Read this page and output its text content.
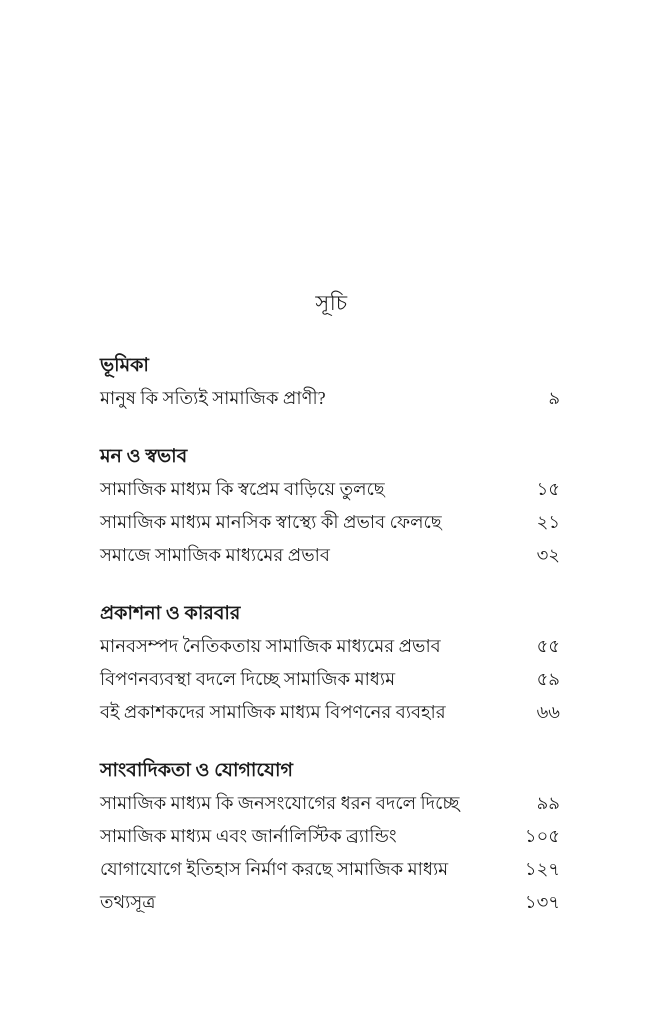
সূচি
ভূমিকা
মানুষ কি সত্যিই সামাজিক প্রাণী?	৯
মন ও স্বভাব
সামাজিক মাধ্যম কি স্বপ্রেম বাড়িয়ে তুলছে	১৫
সামাজিক মাধ্যম মানসিক স্বাস্থ্যে কী প্রভাব ফেলছে	২১
সমাজে সামাজিক মাধ্যমের প্রভাব	৩২
প্রকাশনা ও কারবার
মানবসম্পদ নৈতিকতায় সামাজিক মাধ্যমের প্রভাব	৫৫
বিপণনব্যবস্থা বদলে দিচ্ছে সামাজিক মাধ্যম	৫৯
বই প্রকাশকদের সামাজিক মাধ্যম বিপণনের ব্যবহার	৬৬
সাংবাদিকতা ও যোগাযোগ
সামাজিক মাধ্যম কি জনসংযোগের ধরন বদলে দিচ্ছে	৯৯
সামাজিক মাধ্যম এবং জার্নালিস্টিক ব্র্যান্ডিং	১০৫
যোগাযোগে ইতিহাস নির্মাণ করছে সামাজিক মাধ্যম	১২৭
তথ্যসূত্র	১৩৭
